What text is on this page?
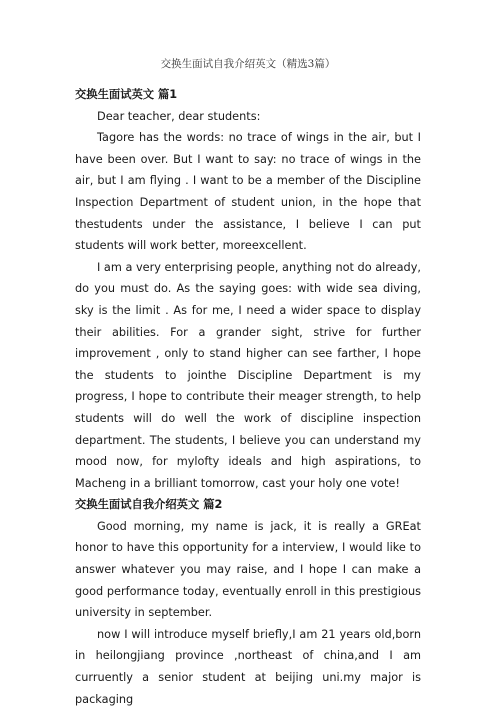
交换生面试自我介绍英文（精选3篇）
交换生面试英文 篇1

Dear teacher, dear students:

Tagore has the words: no trace of wings in the air, but I have been over. But I want to say: no trace of wings in the air, but I am flying . I want to be a member of the Discipline Inspection Department of student union, in the hope that thestudents under the assistance, I believe I can put students will work better, moreexcellent.

I am a very enterprising people, anything not do already, do you must do. As the saying goes: with wide sea diving, sky is the limit . As for me, I need a wider space to display their abilities. For a grander sight, strive for further improvement , only to stand higher can see farther, I hope the students to jointhe Discipline Department is my progress, I hope to contribute their meager strength, to help students will do well the work of discipline inspection department. The students, I believe you can understand my mood now, for mylofty ideals and high aspirations, to Macheng in a brilliant tomorrow, cast your holy one vote!

交换生面试自我介绍英文 篇2

Good morning, my name is jack, it is really a GREat honor to have this opportunity for a interview, I would like to answer whatever you may raise, and I hope I can make a good performance today, eventually enroll in this prestigious university in september.

now I will introduce myself briefly,I am 21 years old,born in heilongjiang province ,northeast of china,and I am curruently a senior student at beijing uni.my major is packaging
